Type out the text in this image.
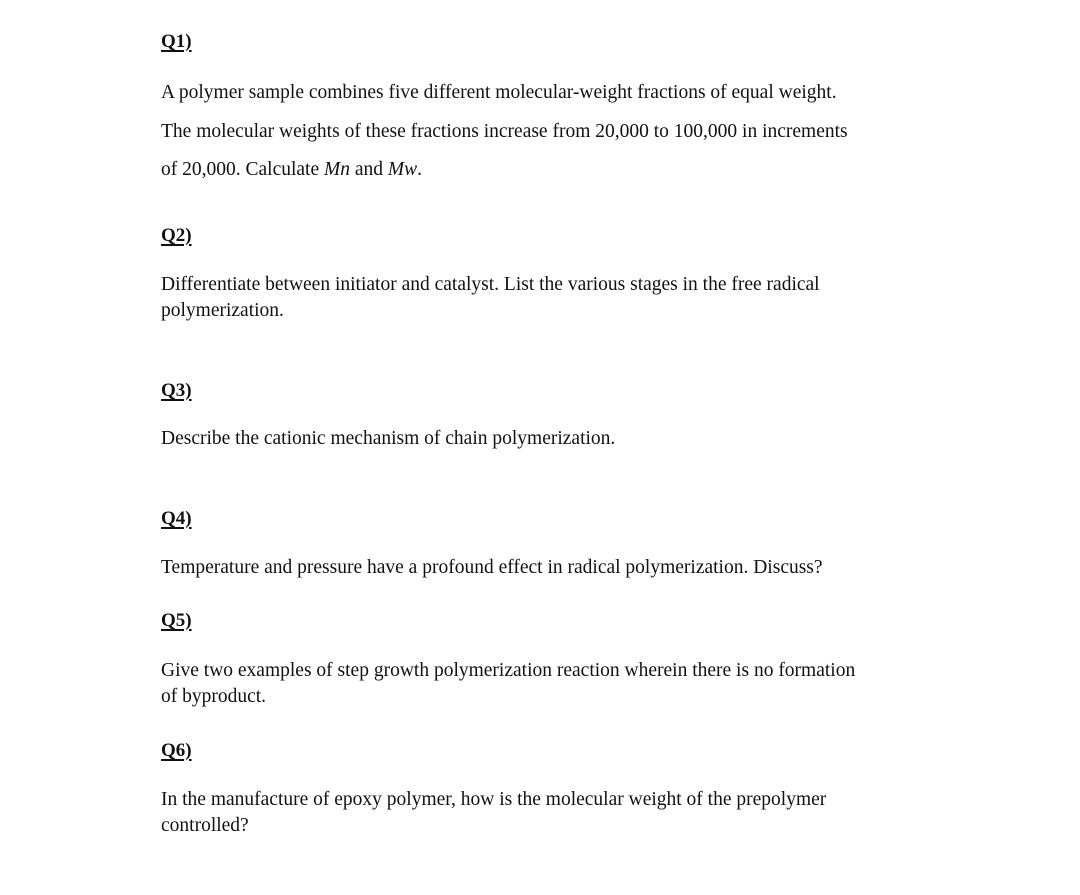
Q1)
A polymer sample combines five different molecular-weight fractions of equal weight.
The molecular weights of these fractions increase from 20,000 to 100,000 in increments
of 20,000. Calculate Mn and Mw.
Q2)
Differentiate between initiator and catalyst. List the various stages in the free radical
polymerization.
Q3)
Describe the cationic mechanism of chain polymerization.
Q4)
Temperature and pressure have a profound effect in radical polymerization. Discuss?
Q5)
Give two examples of step growth polymerization reaction wherein there is no formation
of byproduct.
Q6)
In the manufacture of epoxy polymer, how is the molecular weight of the prepolymer
controlled?
